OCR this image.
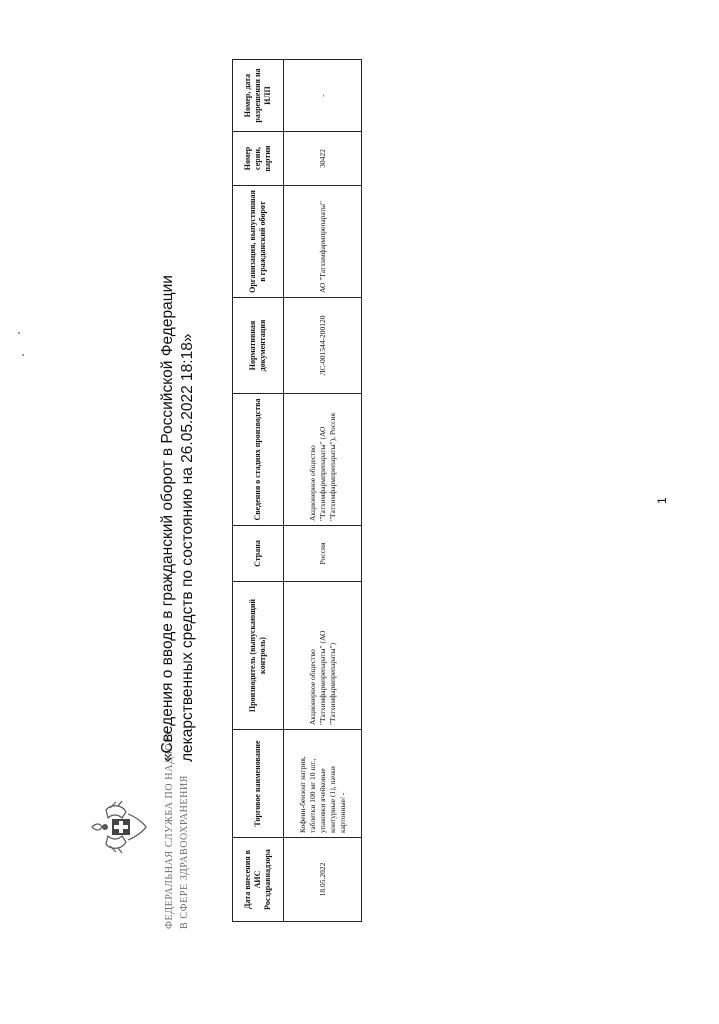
ФЕДЕРАЛЬНАЯ СЛУЖБА ПО НАДЗОРУ В СФЕРЕ ЗДРАВООХРАНЕНИЯ
«Сведения о вводе в гражданский оборот в Российской Федерации лекарственных средств по состоянию на 26.05.2022 18:18»
Дата внесения в АИС Росздравнадзора	Торговое наименование	Производитель (выпускающий контроль)	Страна	Сведения о стадиях производства	Нормативная документация	Организация, выпустившая в гражданский оборот	Номер серии, партии	Номер, дата разрешения на ИЛП
18.05.2022	Кофеин-бензоат натрия, таблетки 100 мг 10 шт., упаковки ячейковые контурные (1), пачки картонные/ -	Акционерное общество "Татхимфармпрепараты" (АО "Татхимфармпрепараты")	Россия	Акционерное общество "Татхимфармпрепараты" (АО "Татхимфармпрепараты"), Россия	ЛС-001544-200120	АО "Татхимфармпрепараты"	30422	-
1
